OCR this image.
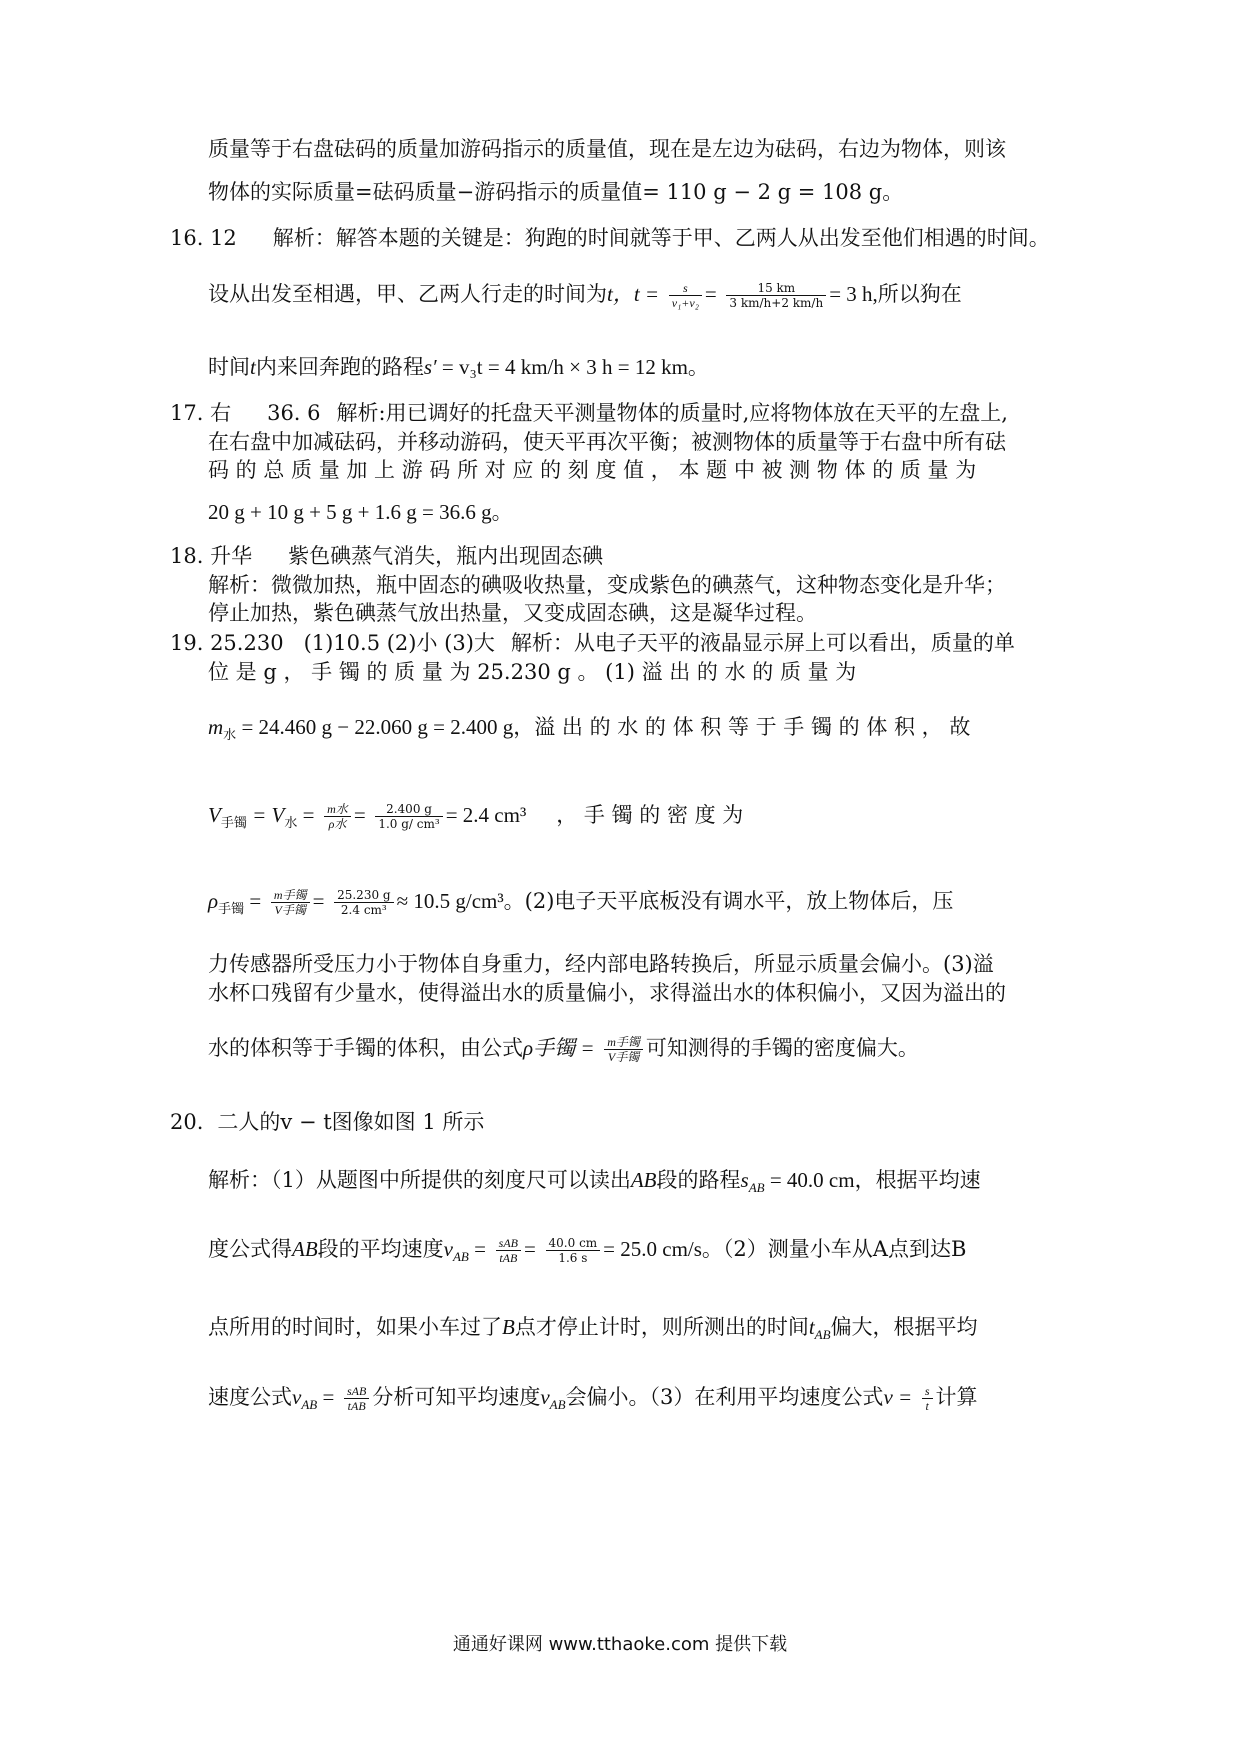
质量等于右盘砝码的质量加游码指示的质量值，现在是左边为砝码，右边为物体，则该
物体的实际质量=砝码质量−游码指示的质量值= 110 g − 2 g = 108 g。
16. 12 解析：解答本题的关键是：狗跑的时间就等于甲、乙两人从出发至他们相遇的时间。
设从出发至相遇，甲、乙两人行走的时间为t，$t = \frac{s}{\text{v₁+v₂}} = \frac{15 km}{3 km/h+2 km/h} = 3$ h,所以狗在
时间t内来回奔跑的路程s′ = v₃t = 4 km/h × 3 h = 12 km。
17. 右 36. 6 解析:用已调好的托盘天平测量物体的质量时,应将物体放在天平的左盘上,
在右盘中加减砝码，并移动游码，使天平再次平衡；被测物体的质量等于右盘中所有砝
码 的 总 质 量 加 上 游 码 所 对 应 的 刻 度 值 ， 本 题 中 被 测 物 体 的 质 量 为
20 g + 10 g + 5 g + 1.6 g = 36.6 g。
18. 升华 紫色碘蒸气消失，瓶内出现固态碘
解析：微微加热，瓶中固态的碘吸收热量，变成紫色的碘蒸气，这种物态变化是升华；
停止加热，紫色碘蒸气放出热量，又变成固态碘，这是凝华过程。
19. 25.230 (1)10.5 (2)小 (3)大 解析：从电子天平的液晶显示屏上可以看出，质量的单
位 是 g ， 手 镯 的 质 量 为 25.230 g 。 (1) 溢 出 的 水 的 质 量 为
$m_水 = 24.460$ g − 22.060 g = 2.400 g，溢 出 的 水 的 体 积 等 于 手 镯 的 体 积 ， 故
$V_{手镯} = V_水 = \frac{\text{m水}}{\text{ρ水}} = \frac{2.400 g}{\text{1.0 g/ cm³}} = 2.4$ cm³ ， 手 镯 的 密 度 为
$\rho_{手镯} = \frac{\text{m手镯}}{\text{V手镯}} = \frac{25.230 g}{\text{2.4 cm³}} \approx 10.5$ g/cm³。(2)电子天平底板没有调水平，放上物体后，压
力传感器所受压力小于物体自身重力，经内部电路转换后，所显示质量会偏小。(3)溢
水杯口残留有少量水，使得溢出水的质量偏小，求得溢出水的体积偏小，又因为溢出的
水的体积等于手镯的体积，由公式ρ手镯 = $\frac{\text{m手镯}}{\text{V手镯}}$ 可知测得的手镯的密度偏大。
20. 二人的v − t图像如图 1 所示
解析：（1）从题图中所提供的刻度尺可以读出AB段的路程$s_{AB} = 40.0$ cm，根据平均速
度公式得AB段的平均速度$v_{AB} = \frac{\text{sAB}}{\text{tAB}} = \frac{40.0 cm}{1.6 s} = 25.0$ cm/s。（2）测量小车从A点到达B
点所用的时间时，如果小车过了B点才停止计时，则所测出的时间$t_{AB}$偏大，根据平均
速度公式$v_{AB} = \frac{\text{sAB}}{\text{tAB}}$ 分析可知平均速度$v_{AB}$会偏小。（3）在利用平均速度公式$v = \frac{s}{t}$ 计算
通通好课网 www.tthaoke.com 提供下载
